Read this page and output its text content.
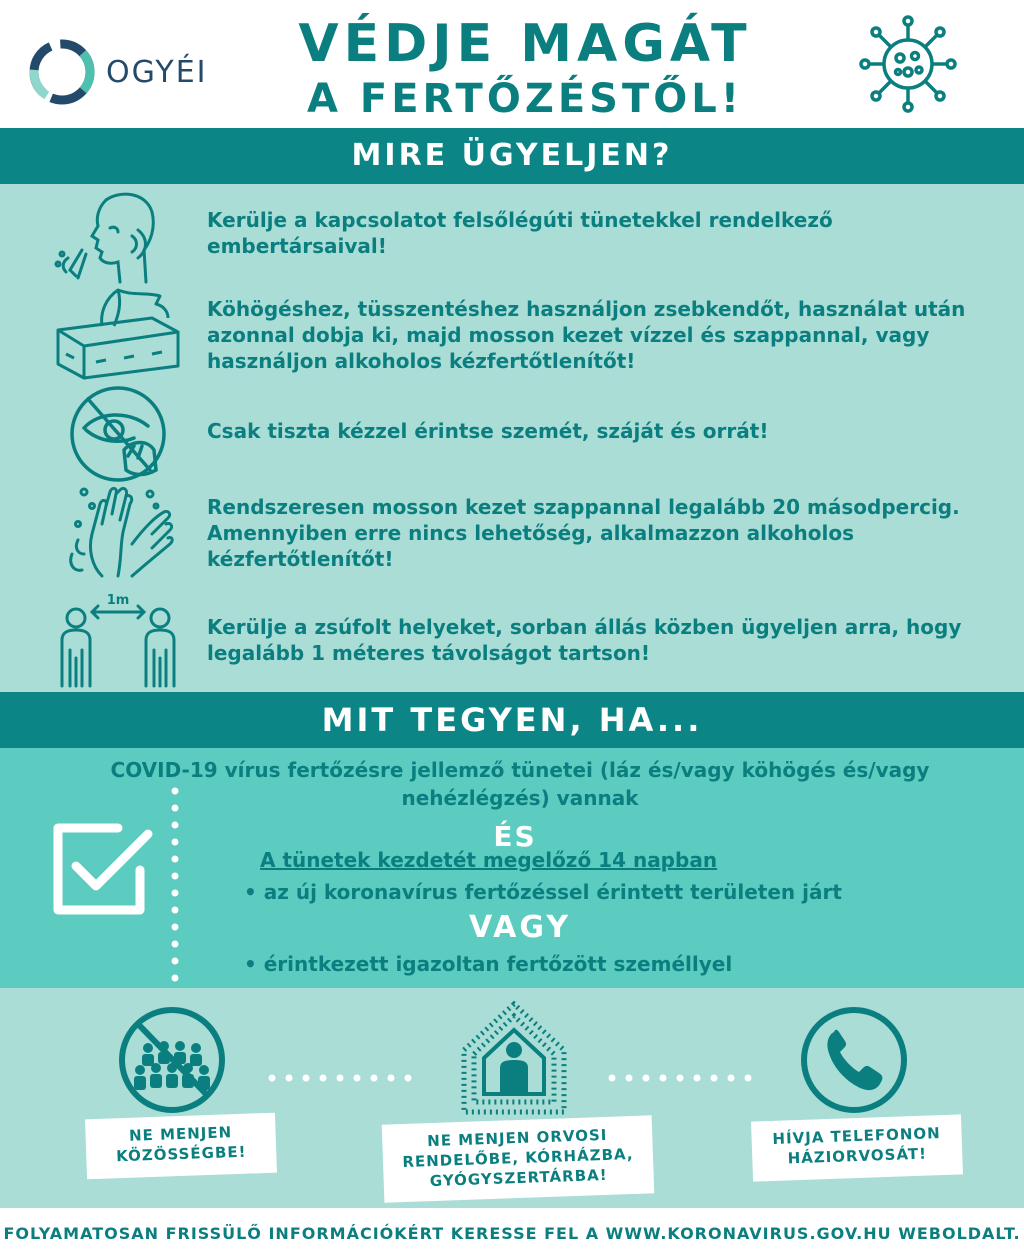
OGYÉI	VÉDJE MAGÁT
A FERTŐZÉSTŐL!
MIRE ÜGYELJEN?
Kerülje a kapcsolatot felsőlégúti tünetekkel rendelkező embertársaival!
Köhögéshez, tüsszentéshez használjon zsebkendőt, használat után azonnal dobja ki, majd mosson kezet vízzel és szappannal, vagy használjon alkoholos kézfertőtlenítőt!
Csak tiszta kézzel érintse szemét, száját és orrát!
Rendszeresen mosson kezet szappannal legalább 20 másodpercig. Amennyiben erre nincs lehetőség, alkalmazzon alkoholos kézfertőtlenítőt!
1m
Kerülje a zsúfolt helyeket, sorban állás közben ügyeljen arra, hogy legalább 1 méteres távolságot tartson!
MIT TEGYEN, HA...
COVID-19 vírus fertőzésre jellemző tünetei (láz és/vagy köhögés és/vagy nehézlégzés) vannak
ÉS
A tünetek kezdetét megelőző 14 napban
• az új koronavírus fertőzéssel érintett területen járt
VAGY
• érintkezett igazoltan fertőzött személlyel
NE MENJEN KÖZÖSSÉGBE!
NE MENJEN ORVOSI RENDELŐBE, KÓRHÁZBA, GYÓGYSZERTÁRBA!
HÍVJA TELEFONON HÁZIORVOSÁT!
FOLYAMATOSAN FRISSÜLŐ INFORMÁCIÓKÉRT KERESSE FEL A WWW.KORONAVIRUS.GOV.HU WEBOLDALT.
